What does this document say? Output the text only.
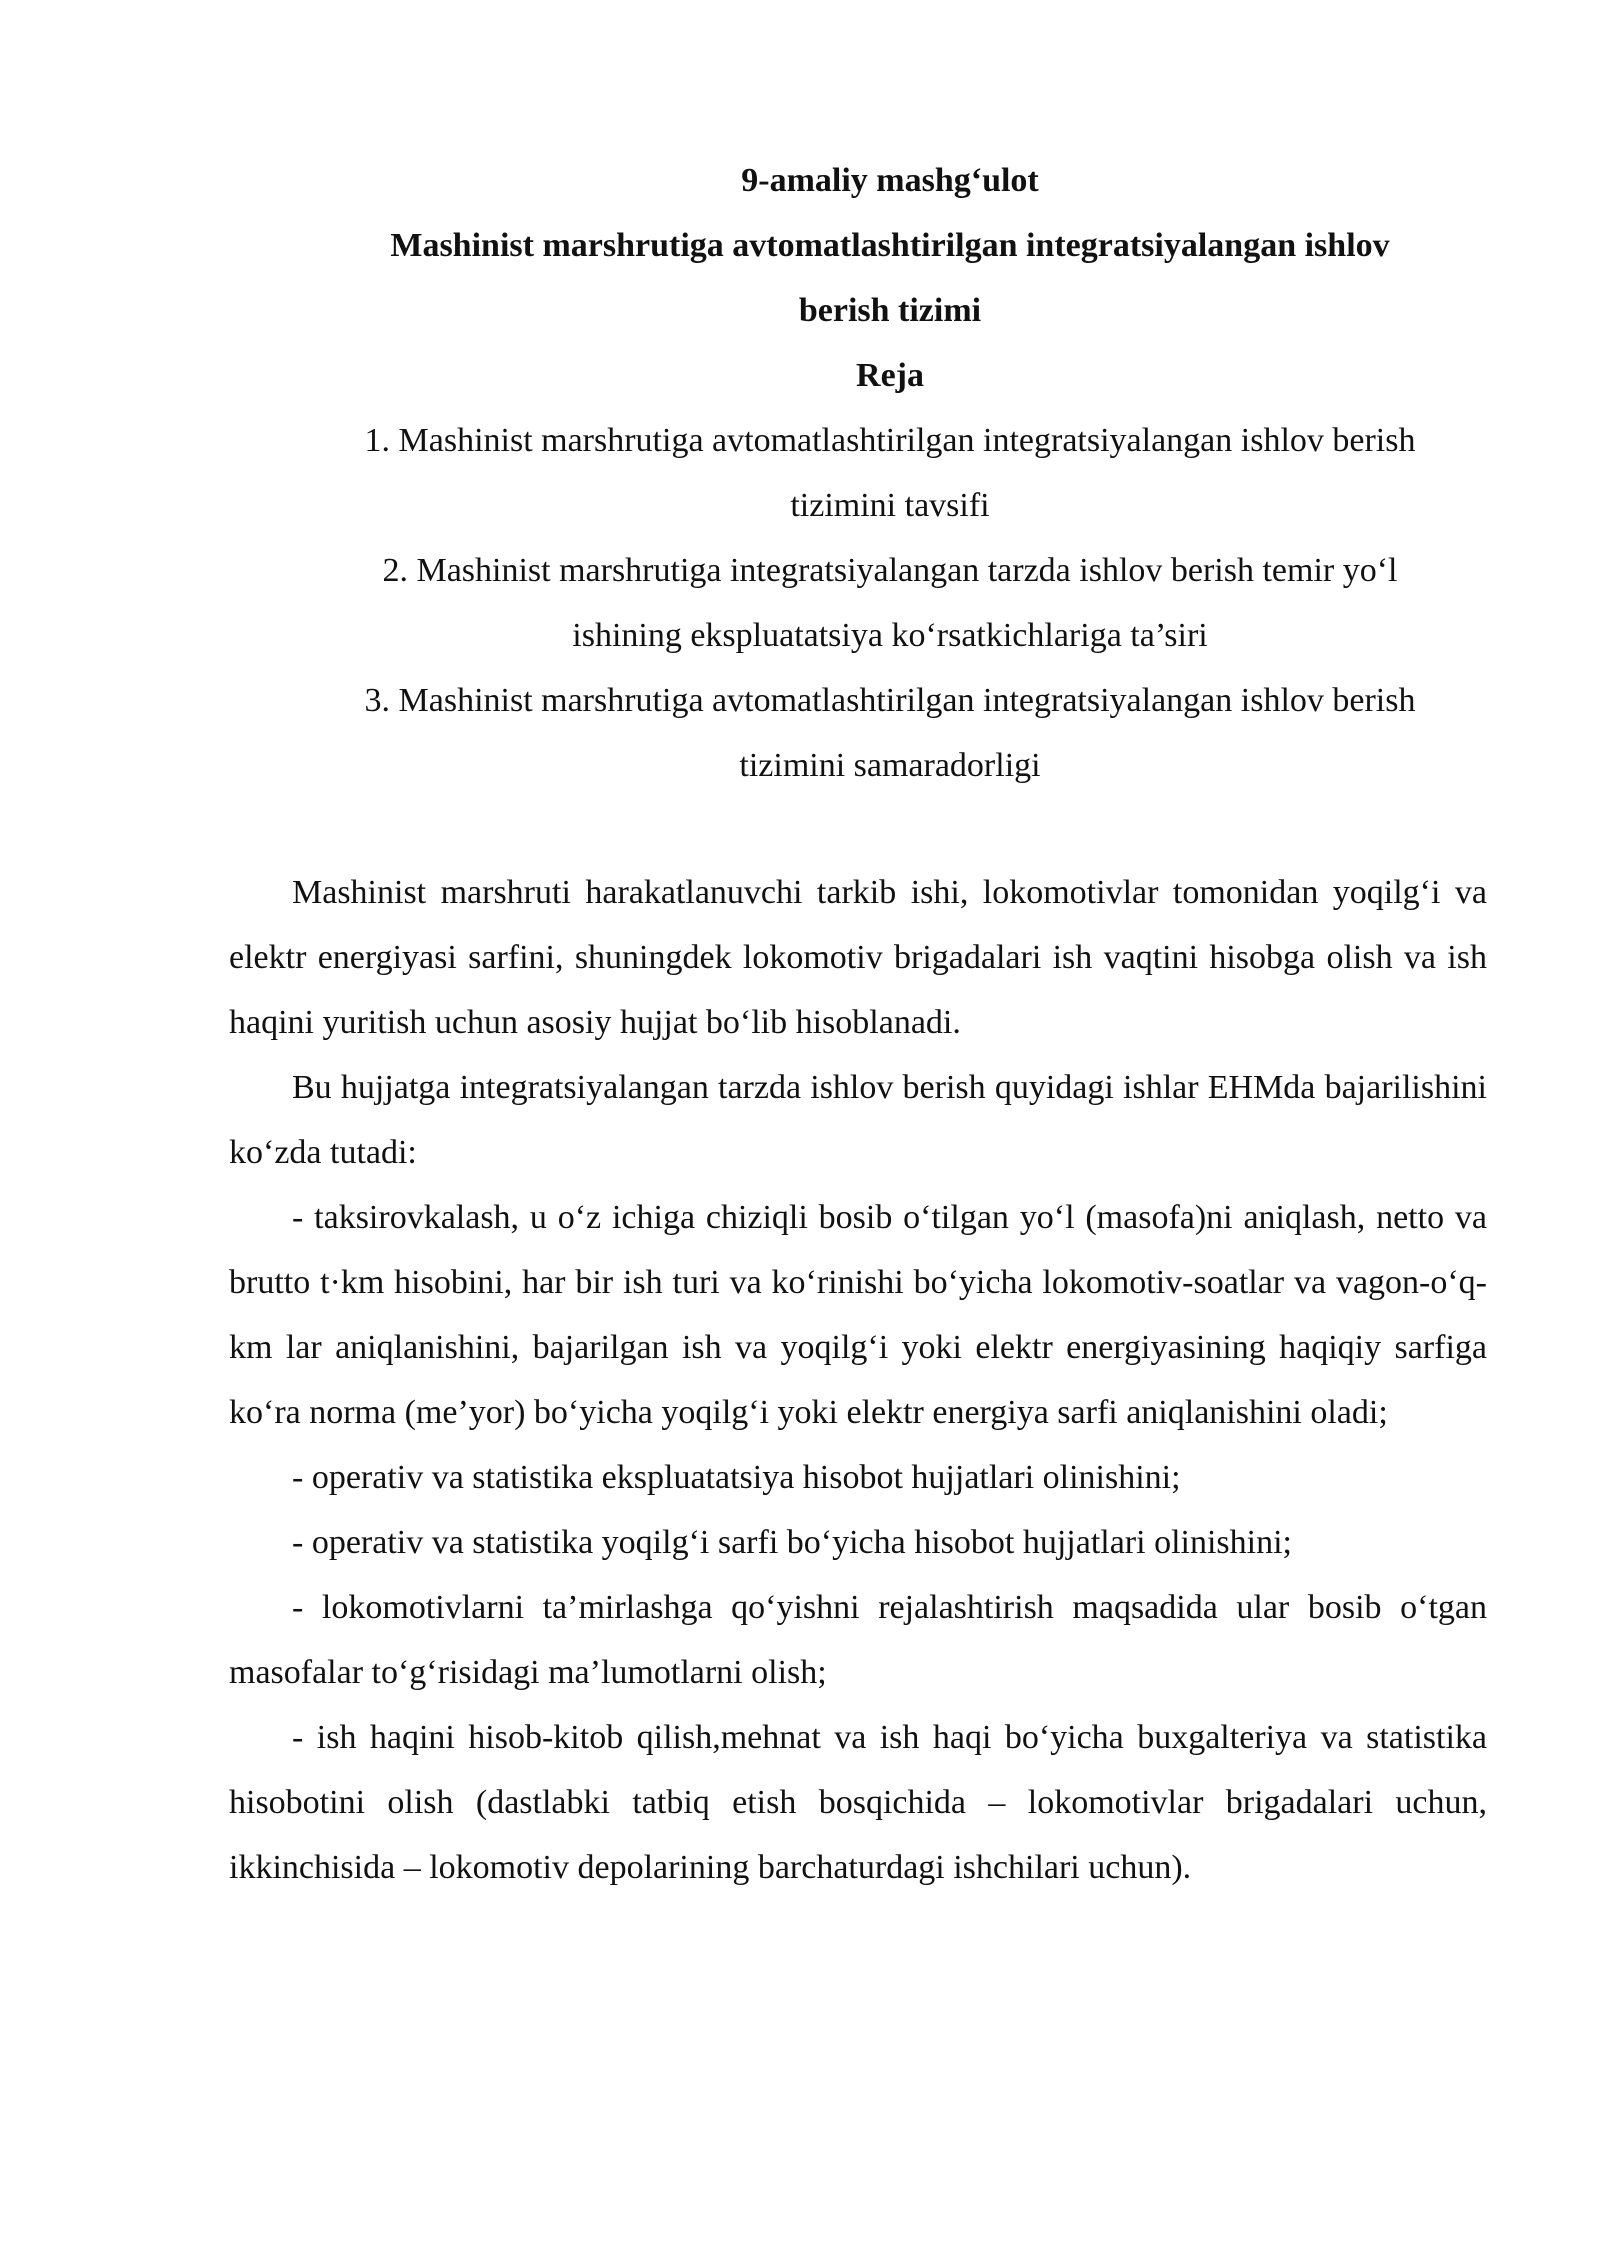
9-amaliy mashg‘ulot
Mashinist marshrutiga avtomatlashtirilgan integratsiyalangan ishlov
berish tizimi
Reja
1. Mashinist marshrutiga avtomatlashtirilgan integratsiyalangan ishlov berish
tizimini tavsifi
2. Mashinist marshrutiga integratsiyalangan tarzda ishlov berish temir yo‘l
ishining ekspluatatsiya ko‘rsatkichlariga ta’siri
3. Mashinist marshrutiga avtomatlashtirilgan integratsiyalangan ishlov berish
tizimini samaradorligi

Mashinist marshruti harakatlanuvchi tarkib ishi, lokomotivlar tomonidan yoqilg‘i va elektr energiyasi sarfini, shuningdek lokomotiv brigadalari ish vaqtini hisobga olish va ish haqini yuritish uchun asosiy hujjat bo‘lib hisoblanadi.

Bu hujjatga integratsiyalangan tarzda ishlov berish quyidagi ishlar EHMda bajarilishini ko‘zda tutadi:

- taksirovkalash, u o‘z ichiga chiziqli bosib o‘tilgan yo‘l (masofa)ni aniqlash, netto va brutto t·km hisobini, har bir ish turi va ko‘rinishi bo‘yicha lokomotiv-soatlar va vagon-o‘q-km lar aniqlanishini, bajarilgan ish va yoqilg‘i yoki elektr energiyasining haqiqiy sarfiga ko‘ra norma (me’yor) bo‘yicha yoqilg‘i yoki elektr energiya sarfi aniqlanishini oladi;

- operativ va statistika ekspluatatsiya hisobot hujjatlari olinishini;

- operativ va statistika yoqilg‘i sarfi bo‘yicha hisobot hujjatlari olinishini;

- lokomotivlarni ta’mirlashga qo‘yishni rejalashtirish maqsadida ular bosib o‘tgan masofalar to‘g‘risidagi ma’lumotlarni olish;

- ish haqini hisob-kitob qilish,mehnat va ish haqi bo‘yicha buxgalteriya va statistika hisobotini olish (dastlabki tatbiq etish bosqichida – lokomotivlar brigadalari uchun, ikkinchisida – lokomotiv depolarining barchaturdagi ishchilari uchun).
